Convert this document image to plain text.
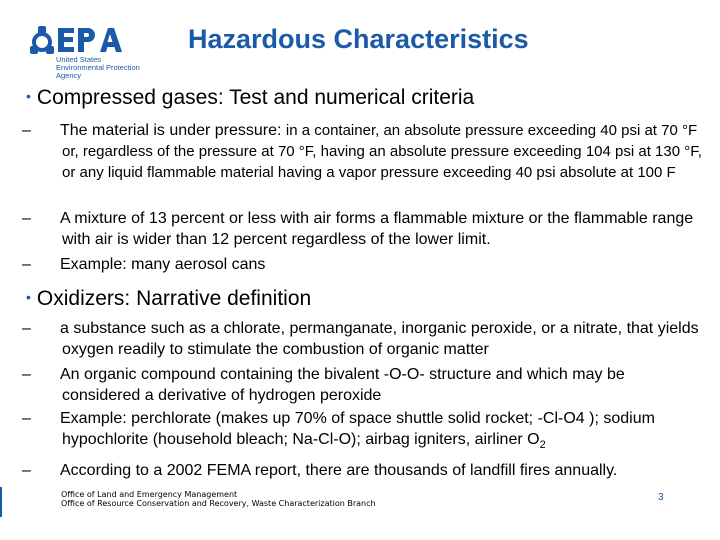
United States
Environmental Protection
Agency
Hazardous Characteristics
• Compressed gases: Test and numerical criteria
– The material is under pressure: in a container, an absolute pressure exceeding 40 psi at 70 °F or, regardless of the pressure at 70 °F, having an absolute pressure exceeding 104 psi at 130 °F, or any liquid flammable material having a vapor pressure exceeding 40 psi absolute at 100 F
– A mixture of 13 percent or less with air forms a flammable mixture or the flammable range with air is wider than 12 percent regardless of the lower limit.
– Example: many aerosol cans
• Oxidizers: Narrative definition
– a substance such as a chlorate, permanganate, inorganic peroxide, or a nitrate, that yields oxygen readily to stimulate the combustion of organic matter
– An organic compound containing the bivalent -O-O- structure and which may be considered a derivative of hydrogen peroxide
– Example: perchlorate (makes up 70% of space shuttle solid rocket; -Cl-O4 ); sodium hypochlorite (household bleach; Na-Cl-O); airbag igniters, airliner $O_2$
– According to a 2002 FEMA report, there are thousands of landfill fires annually.
Office of Land and Emergency Management
Office of Resource Conservation and Recovery, Waste Characterization Branch
3
